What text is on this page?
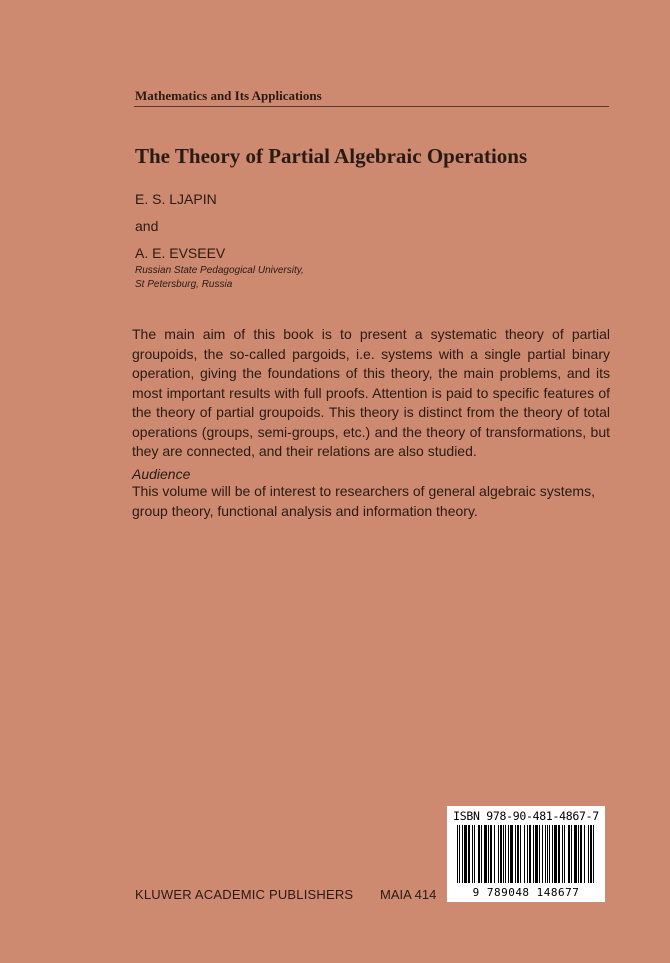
Mathematics and Its Applications
The Theory of Partial Algebraic Operations
E. S. LJAPIN
and
A. E. EVSEEV
Russian State Pedagogical University,
St Petersburg, Russia
The main aim of this book is to present a systematic theory of partial groupoids, the so-called pargoids, i.e. systems with a single partial binary operation, giving the foundations of this theory, the main problems, and its most important results with full proofs. Attention is paid to specific features of the theory of partial groupoids. This theory is distinct from the theory of total operations (groups, semi-groups, etc.) and the theory of transformations, but they are connected, and their relations are also studied.
Audience
This volume will be of interest to researchers of general algebraic systems, group theory, functional analysis and information theory.
KLUWER ACADEMIC PUBLISHERS MAIA 414
ISBN 978-90-481-4867-7
9 789048 148677
